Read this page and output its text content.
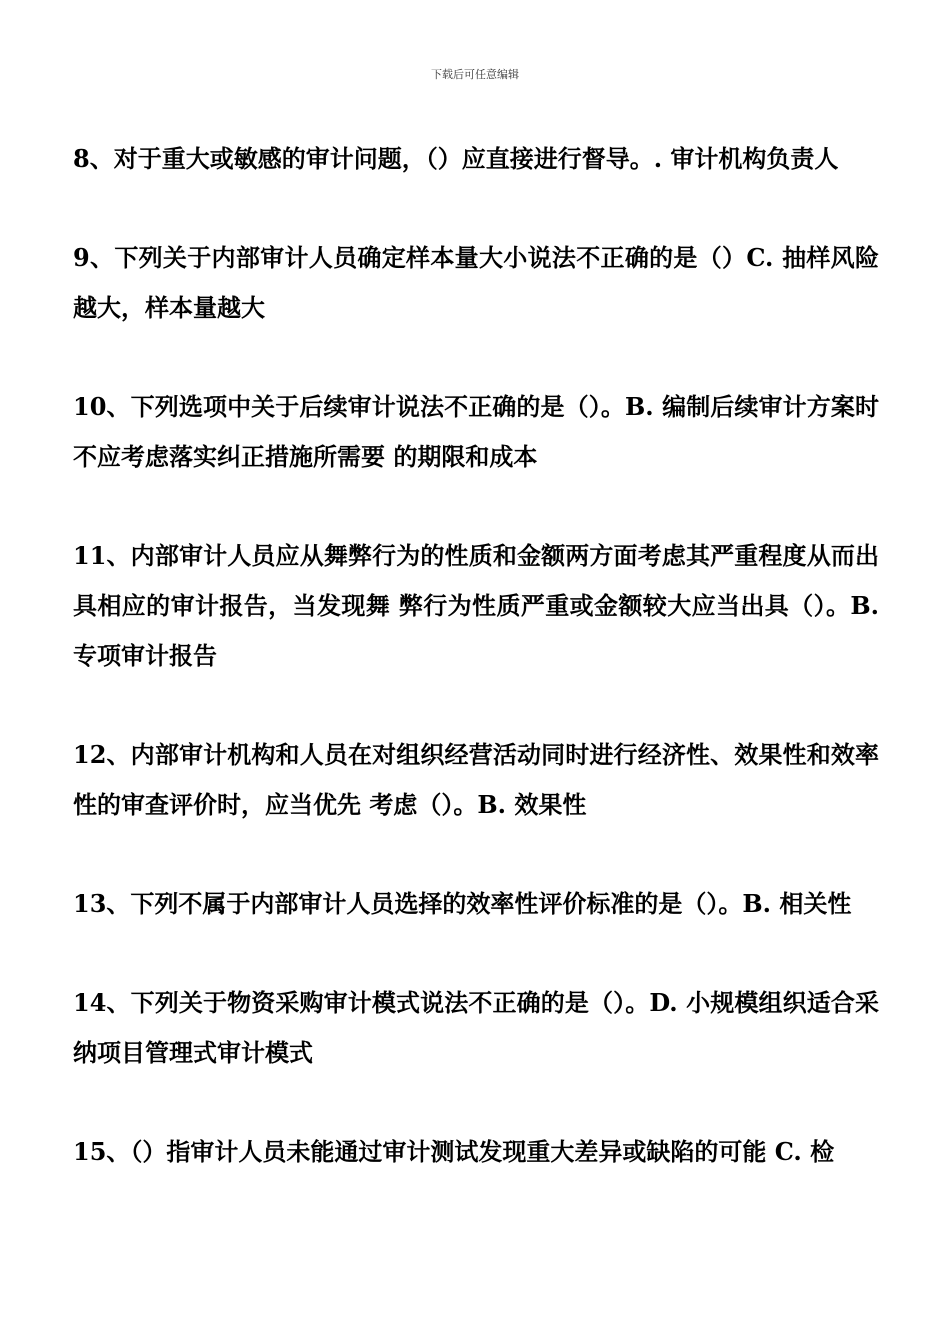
下载后可任意编辑

8、对于重大或敏感的审计问题，（）应直接进行督导。. 审计机构负责人

9、下列关于内部审计人员确定样本量大小说法不正确的是（）C. 抽样风险越大，样本量越大

10、下列选项中关于后续审计说法不正确的是（）。B. 编制后续审计方案时不应考虑落实纠正措施所需要 的期限和成本

11、内部审计人员应从舞弊行为的性质和金额两方面考虑其严重程度从而出具相应的审计报告，当发现舞 弊行为性质严重或金额较大应当出具（）。B. 专项审计报告

12、内部审计机构和人员在对组织经营活动同时进行经济性、效果性和效率性的审查评价时，应当优先 考虑（）。B. 效果性

13、下列不属于内部审计人员选择的效率性评价标准的是（）。B. 相关性

14、下列关于物资采购审计模式说法不正确的是（）。D. 小规模组织适合采纳项目管理式审计模式

15、（）指审计人员未能通过审计测试发现重大差异或缺陷的可能 C. 检
